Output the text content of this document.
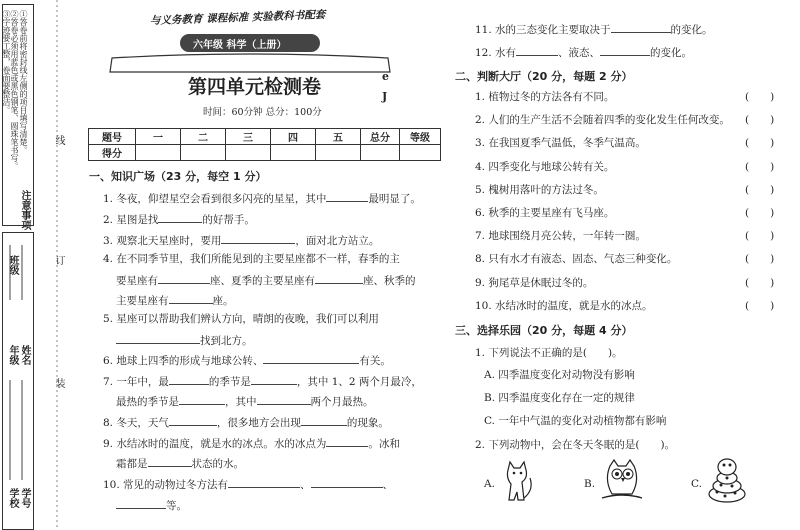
注意事项
①答卷前将密封线左侧的项目填写清楚。
②答卷必须用蓝色或黑色钢笔、圆珠笔书写。
③字迹要工整，卷面要整洁。
年级 姓名
班级
学校 学号
线
订
装
与义务教育 课程标准 实验教科书配套
六年级 科学（上册）
第四单元检测卷
时间：60分钟 总分：100分
e
J
题号	一	二	三	四	五	总分	等级
得分							
一、知识广场（23 分，每空 1 分）
1. 冬夜，仰望星空会看到很多闪亮的星星，其中	最明显了。
2. 星图是找	的好帮手。
3. 观察北天星座时，要用	，面对北方站立。
4. 在不同季节里，我们所能见到的主要星座都不一样，春季的主
要星座有	座、夏季的主要星座有	座、秋季的
主要星座有	座。
5. 星座可以帮助我们辨认方向，晴朗的夜晚，我们可以利用
找到北方。
6. 地球上四季的形成与地球公转、	有关。
7. 一年中，最	的季节是	，其中 1、2 两个月最冷，
最热的季节是	，其中	两个月最热。
8. 冬天，天气	，很多地方会出现	的现象。
9. 水结冰时的温度，就是水的冰点。水的冰点为	。冰和
霜都是	状态的水。
10. 常见的动物过冬方法有	、	、
等。
11. 水的三态变化主要取决于	的变化。
12. 水有	、液态、	的变化。
二、判断大厅（20 分，每题 2 分）
1. 植物过冬的方法各有不同。	(　　)
2. 人们的生产生活不会随着四季的变化发生任何改变。 (　　)
3. 在我国夏季气温低，冬季气温高。	(　　)
4. 四季变化与地球公转有关。	(　　)
5. 槐树用落叶的方法过冬。	(　　)
6. 秋季的主要星座有飞马座。	(　　)
7. 地球围绕月亮公转，一年转一圈。	(　　)
8. 只有水才有液态、固态、气态三种变化。	(　　)
9. 狗尾草是休眠过冬的。	(　　)
10. 水结冰时的温度，就是水的冰点。	(　　)
三、选择乐园（20 分，每题 4 分）
1. 下列说法不正确的是(　　)。
A. 四季温度变化对动物没有影响
B. 四季温度变化存在一定的规律
C. 一年中气温的变化对动植物都有影响
2. 下列动物中，会在冬天冬眠的是(　　)。
A.	B.	C.
